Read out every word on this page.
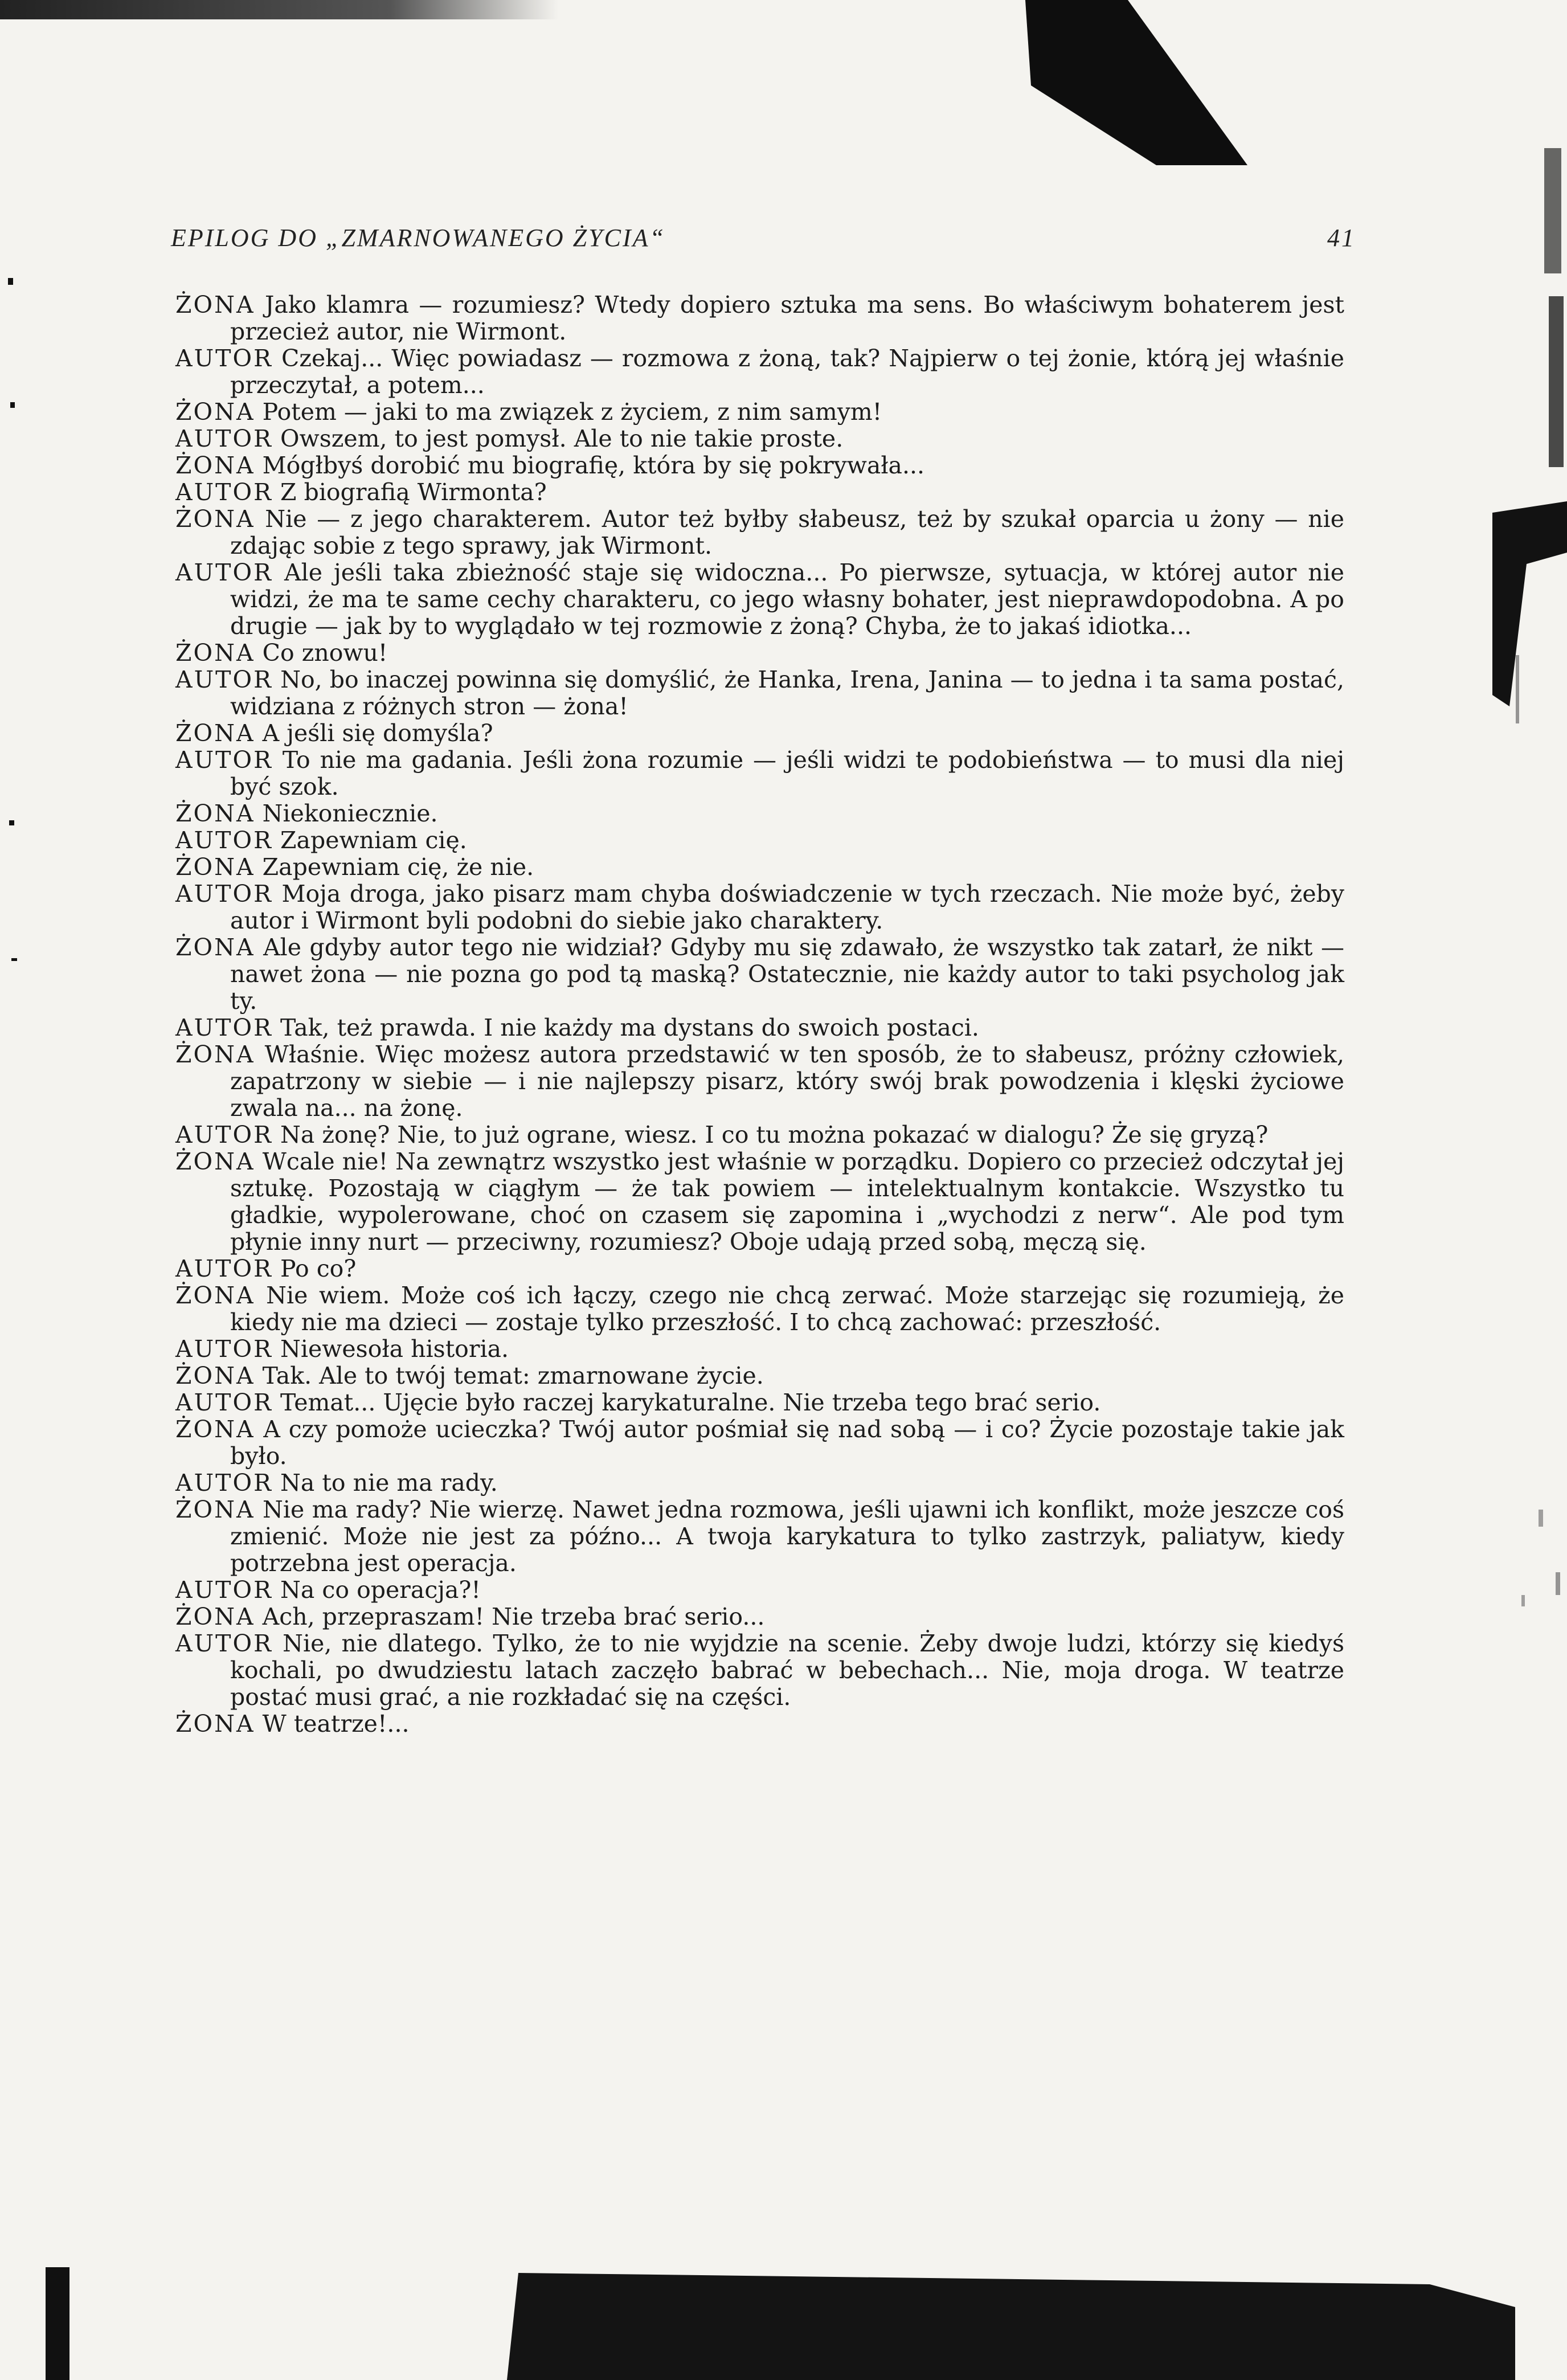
EPILOG DO „ZMARNOWANEGO ŻYCIA“	41

ŻONA Jako klamra — rozumiesz? Wtedy dopiero sztuka ma sens. Bo właściwym bohaterem jest przecież autor, nie Wirmont.

AUTOR Czekaj... Więc powiadasz — rozmowa z żoną, tak? Najpierw o tej żonie, którą jej właśnie przeczytał, a potem...

ŻONA Potem — jaki to ma związek z życiem, z nim samym!

AUTOR Owszem, to jest pomysł. Ale to nie takie proste.

ŻONA Mógłbyś dorobić mu biografię, która by się pokrywała...

AUTOR Z biografią Wirmonta?

ŻONA Nie — z jego charakterem. Autor też byłby słabeusz, też by szukał oparcia u żony — nie zdając sobie z tego sprawy, jak Wirmont.

AUTOR Ale jeśli taka zbieżność staje się widoczna... Po pierwsze, sytuacja, w której autor nie widzi, że ma te same cechy charakteru, co jego własny bohater, jest nieprawdopodobna. A po drugie — jak by to wyglądało w tej rozmowie z żoną? Chyba, że to jakaś idiotka...

ŻONA Co znowu!

AUTOR No, bo inaczej powinna się domyślić, że Hanka, Irena, Janina — to jedna i ta sama postać, widziana z różnych stron — żona!

ŻONA A jeśli się domyśla?

AUTOR To nie ma gadania. Jeśli żona rozumie — jeśli widzi te podobieństwa — to musi dla niej być szok.

ŻONA Niekoniecznie.

AUTOR Zapewniam cię.

ŻONA Zapewniam cię, że nie.

AUTOR Moja droga, jako pisarz mam chyba doświadczenie w tych rzeczach. Nie może być, żeby autor i Wirmont byli podobni do siebie jako charaktery.

ŻONA Ale gdyby autor tego nie widział? Gdyby mu się zdawało, że wszystko tak zatarł, że nikt — nawet żona — nie pozna go pod tą maską? Ostatecznie, nie każdy autor to taki psycholog jak ty.

AUTOR Tak, też prawda. I nie każdy ma dystans do swoich postaci.

ŻONA Właśnie. Więc możesz autora przedstawić w ten sposób, że to słabeusz, próżny człowiek, zapatrzony w siebie — i nie najlepszy pisarz, który swój brak powodzenia i klęski życiowe zwala na... na żonę.

AUTOR Na żonę? Nie, to już ograne, wiesz. I co tu można pokazać w dialogu? Że się gryzą?

ŻONA Wcale nie! Na zewnątrz wszystko jest właśnie w porządku. Dopiero co przecież odczytał jej sztukę. Pozostają w ciągłym — że tak powiem — intelektualnym kontakcie. Wszystko tu gładkie, wypolerowane, choć on czasem się zapomina i „wychodzi z nerw“. Ale pod tym płynie inny nurt — przeciwny, rozumiesz? Oboje udają przed sobą, męczą się.

AUTOR Po co?

ŻONA Nie wiem. Może coś ich łączy, czego nie chcą zerwać. Może starzejąc się rozumieją, że kiedy nie ma dzieci — zostaje tylko przeszłość. I to chcą zachować: przeszłość.

AUTOR Niewesoła historia.

ŻONA Tak. Ale to twój temat: zmarnowane życie.

AUTOR Temat... Ujęcie było raczej karykaturalne. Nie trzeba tego brać serio.

ŻONA A czy pomoże ucieczka? Twój autor pośmiał się nad sobą — i co? Życie pozostaje takie jak było.

AUTOR Na to nie ma rady.

ŻONA Nie ma rady? Nie wierzę. Nawet jedna rozmowa, jeśli ujawni ich konflikt, może jeszcze coś zmienić. Może nie jest za późno... A twoja karykatura to tylko zastrzyk, paliatyw, kiedy potrzebna jest operacja.

AUTOR Na co operacja?!

ŻONA Ach, przepraszam! Nie trzeba brać serio...

AUTOR Nie, nie dlatego. Tylko, że to nie wyjdzie na scenie. Żeby dwoje ludzi, którzy się kiedyś kochali, po dwudziestu latach zaczęło babrać w bebechach... Nie, moja droga. W teatrze postać musi grać, a nie rozkładać się na części.

ŻONA W teatrze!...
